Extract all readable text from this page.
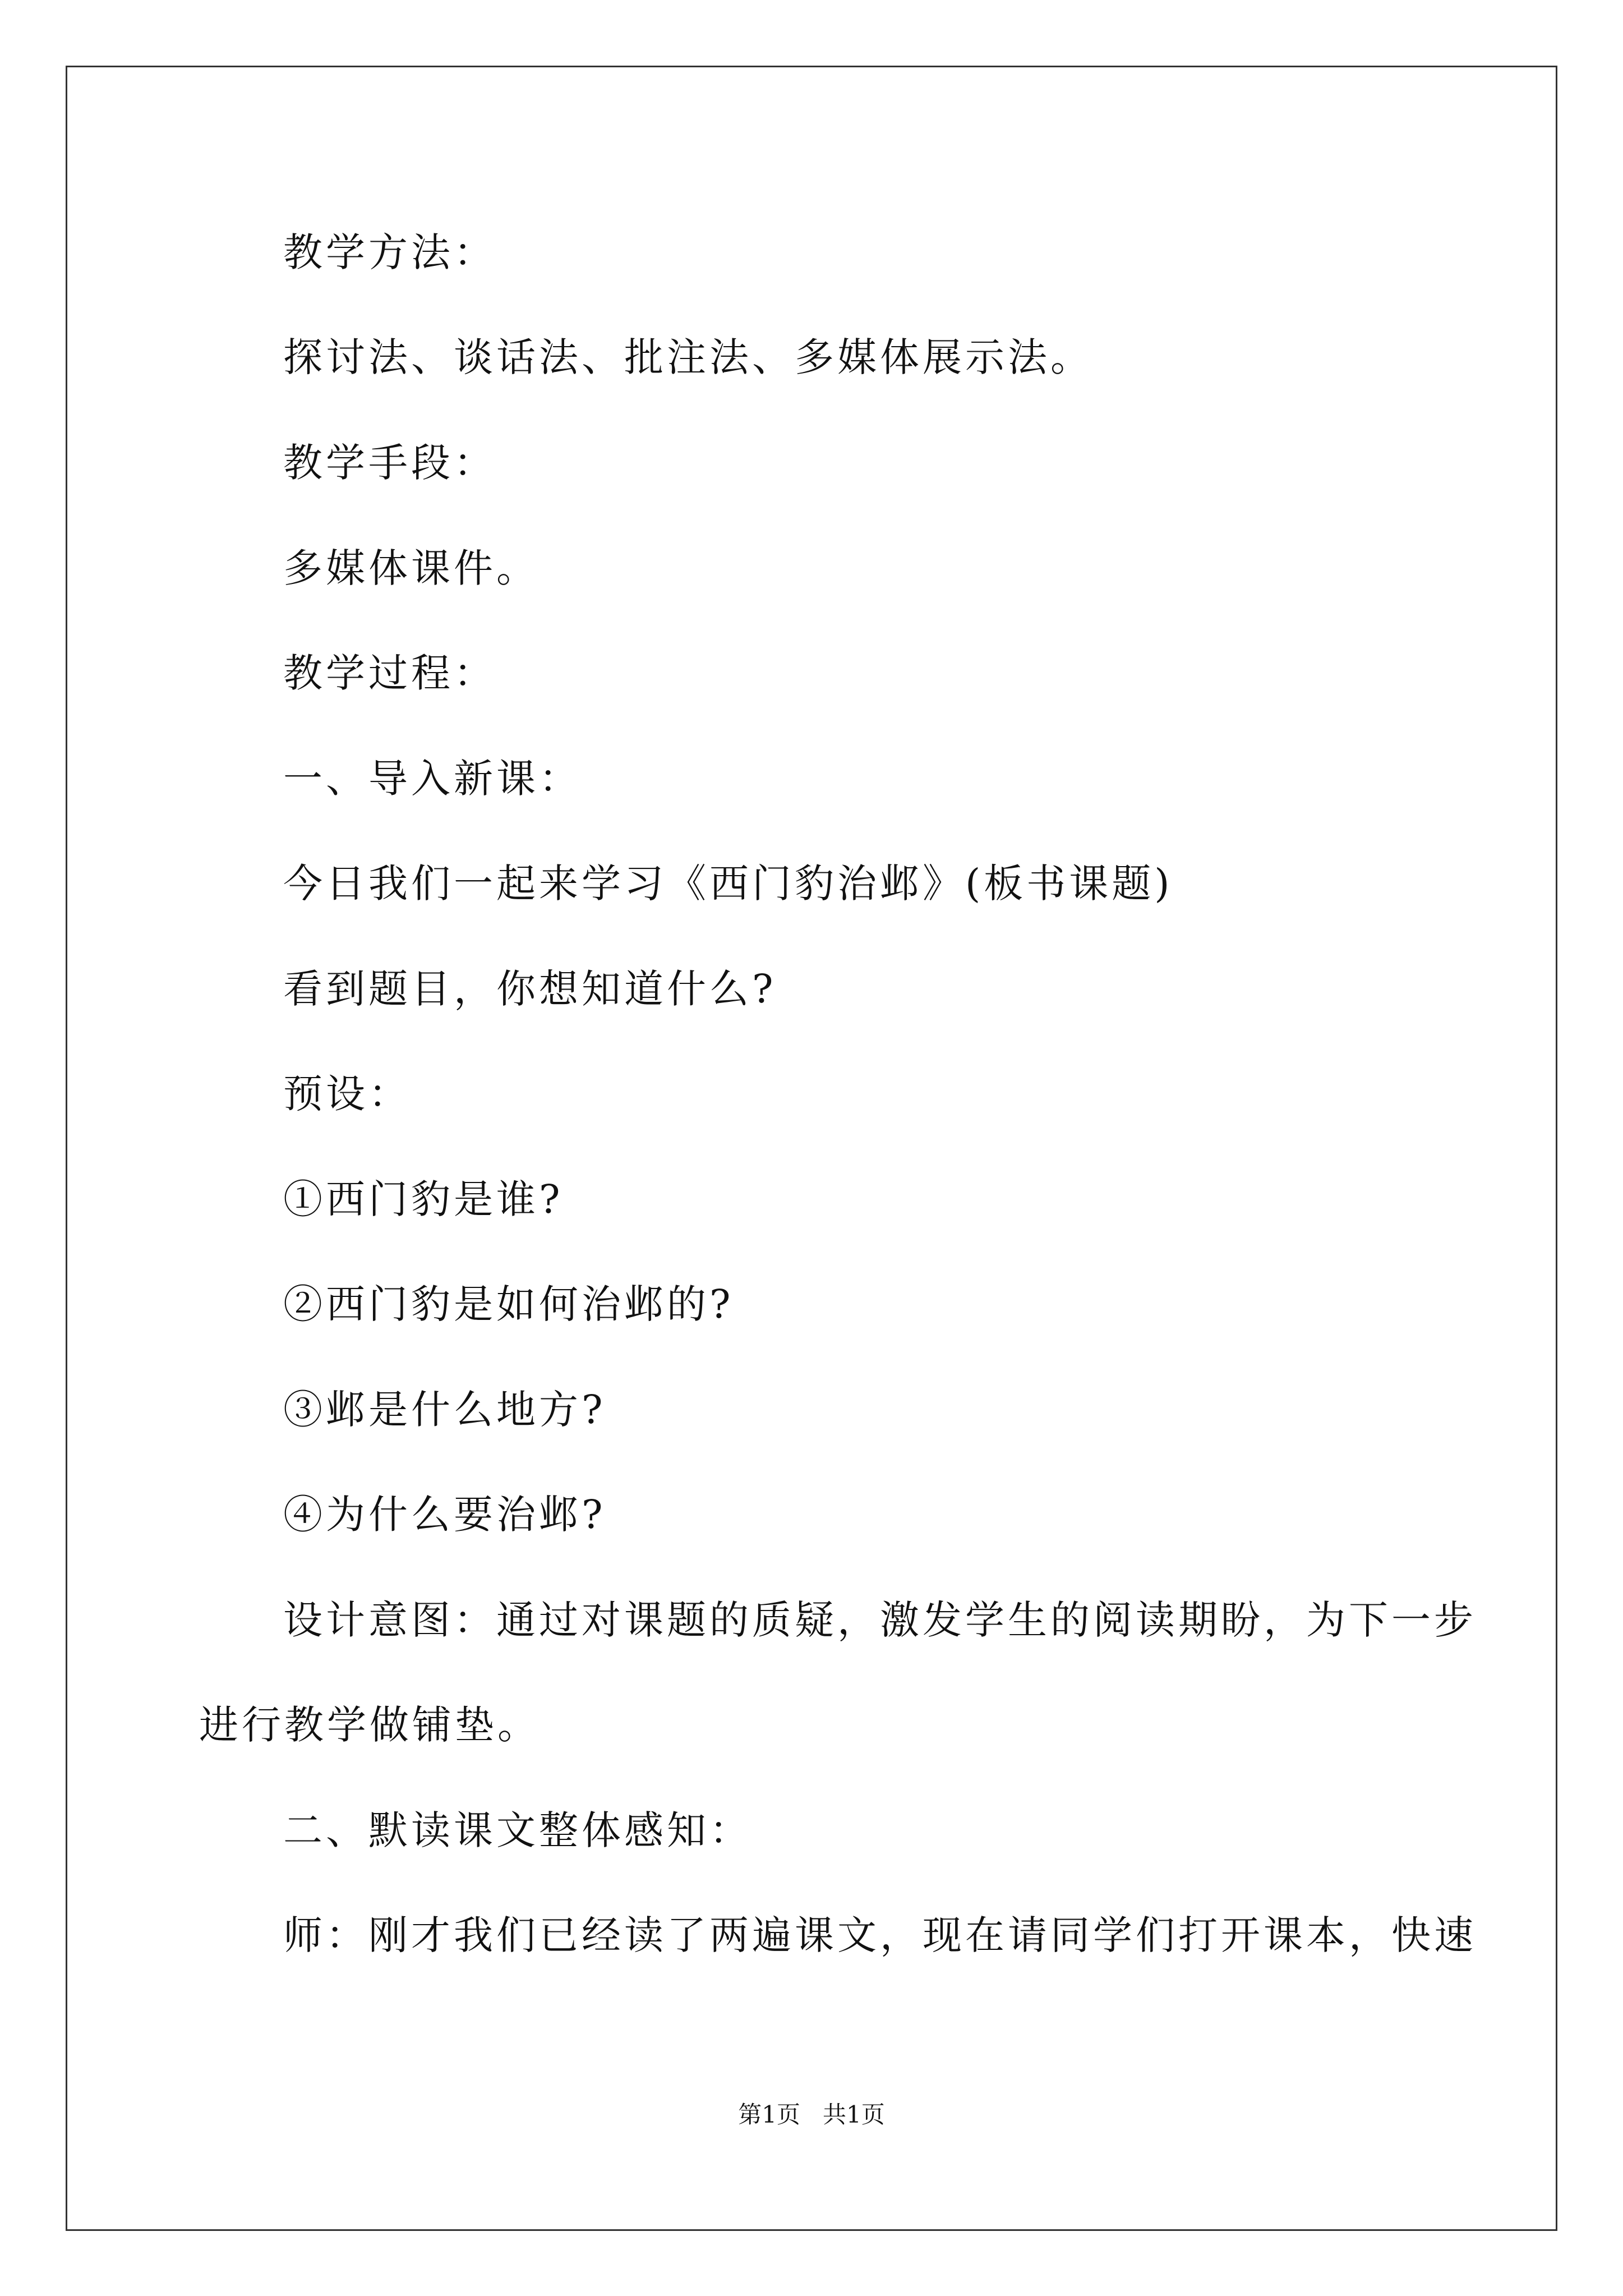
教学方法：
探讨法、谈话法、批注法、多媒体展示法。
教学手段：
多媒体课件。
教学过程：
一、导入新课：
今日我们一起来学习《西门豹治邺》(板书课题)
看到题目，你想知道什么?
预设：
①西门豹是谁?
②西门豹是如何治邺的?
③邺是什么地方?
④为什么要治邺?
设计意图：通过对课题的质疑，激发学生的阅读期盼，为下一步
进行教学做铺垫。
二、默读课文整体感知：
师：刚才我们已经读了两遍课文，现在请同学们打开课本，快速
第1页   共1页
